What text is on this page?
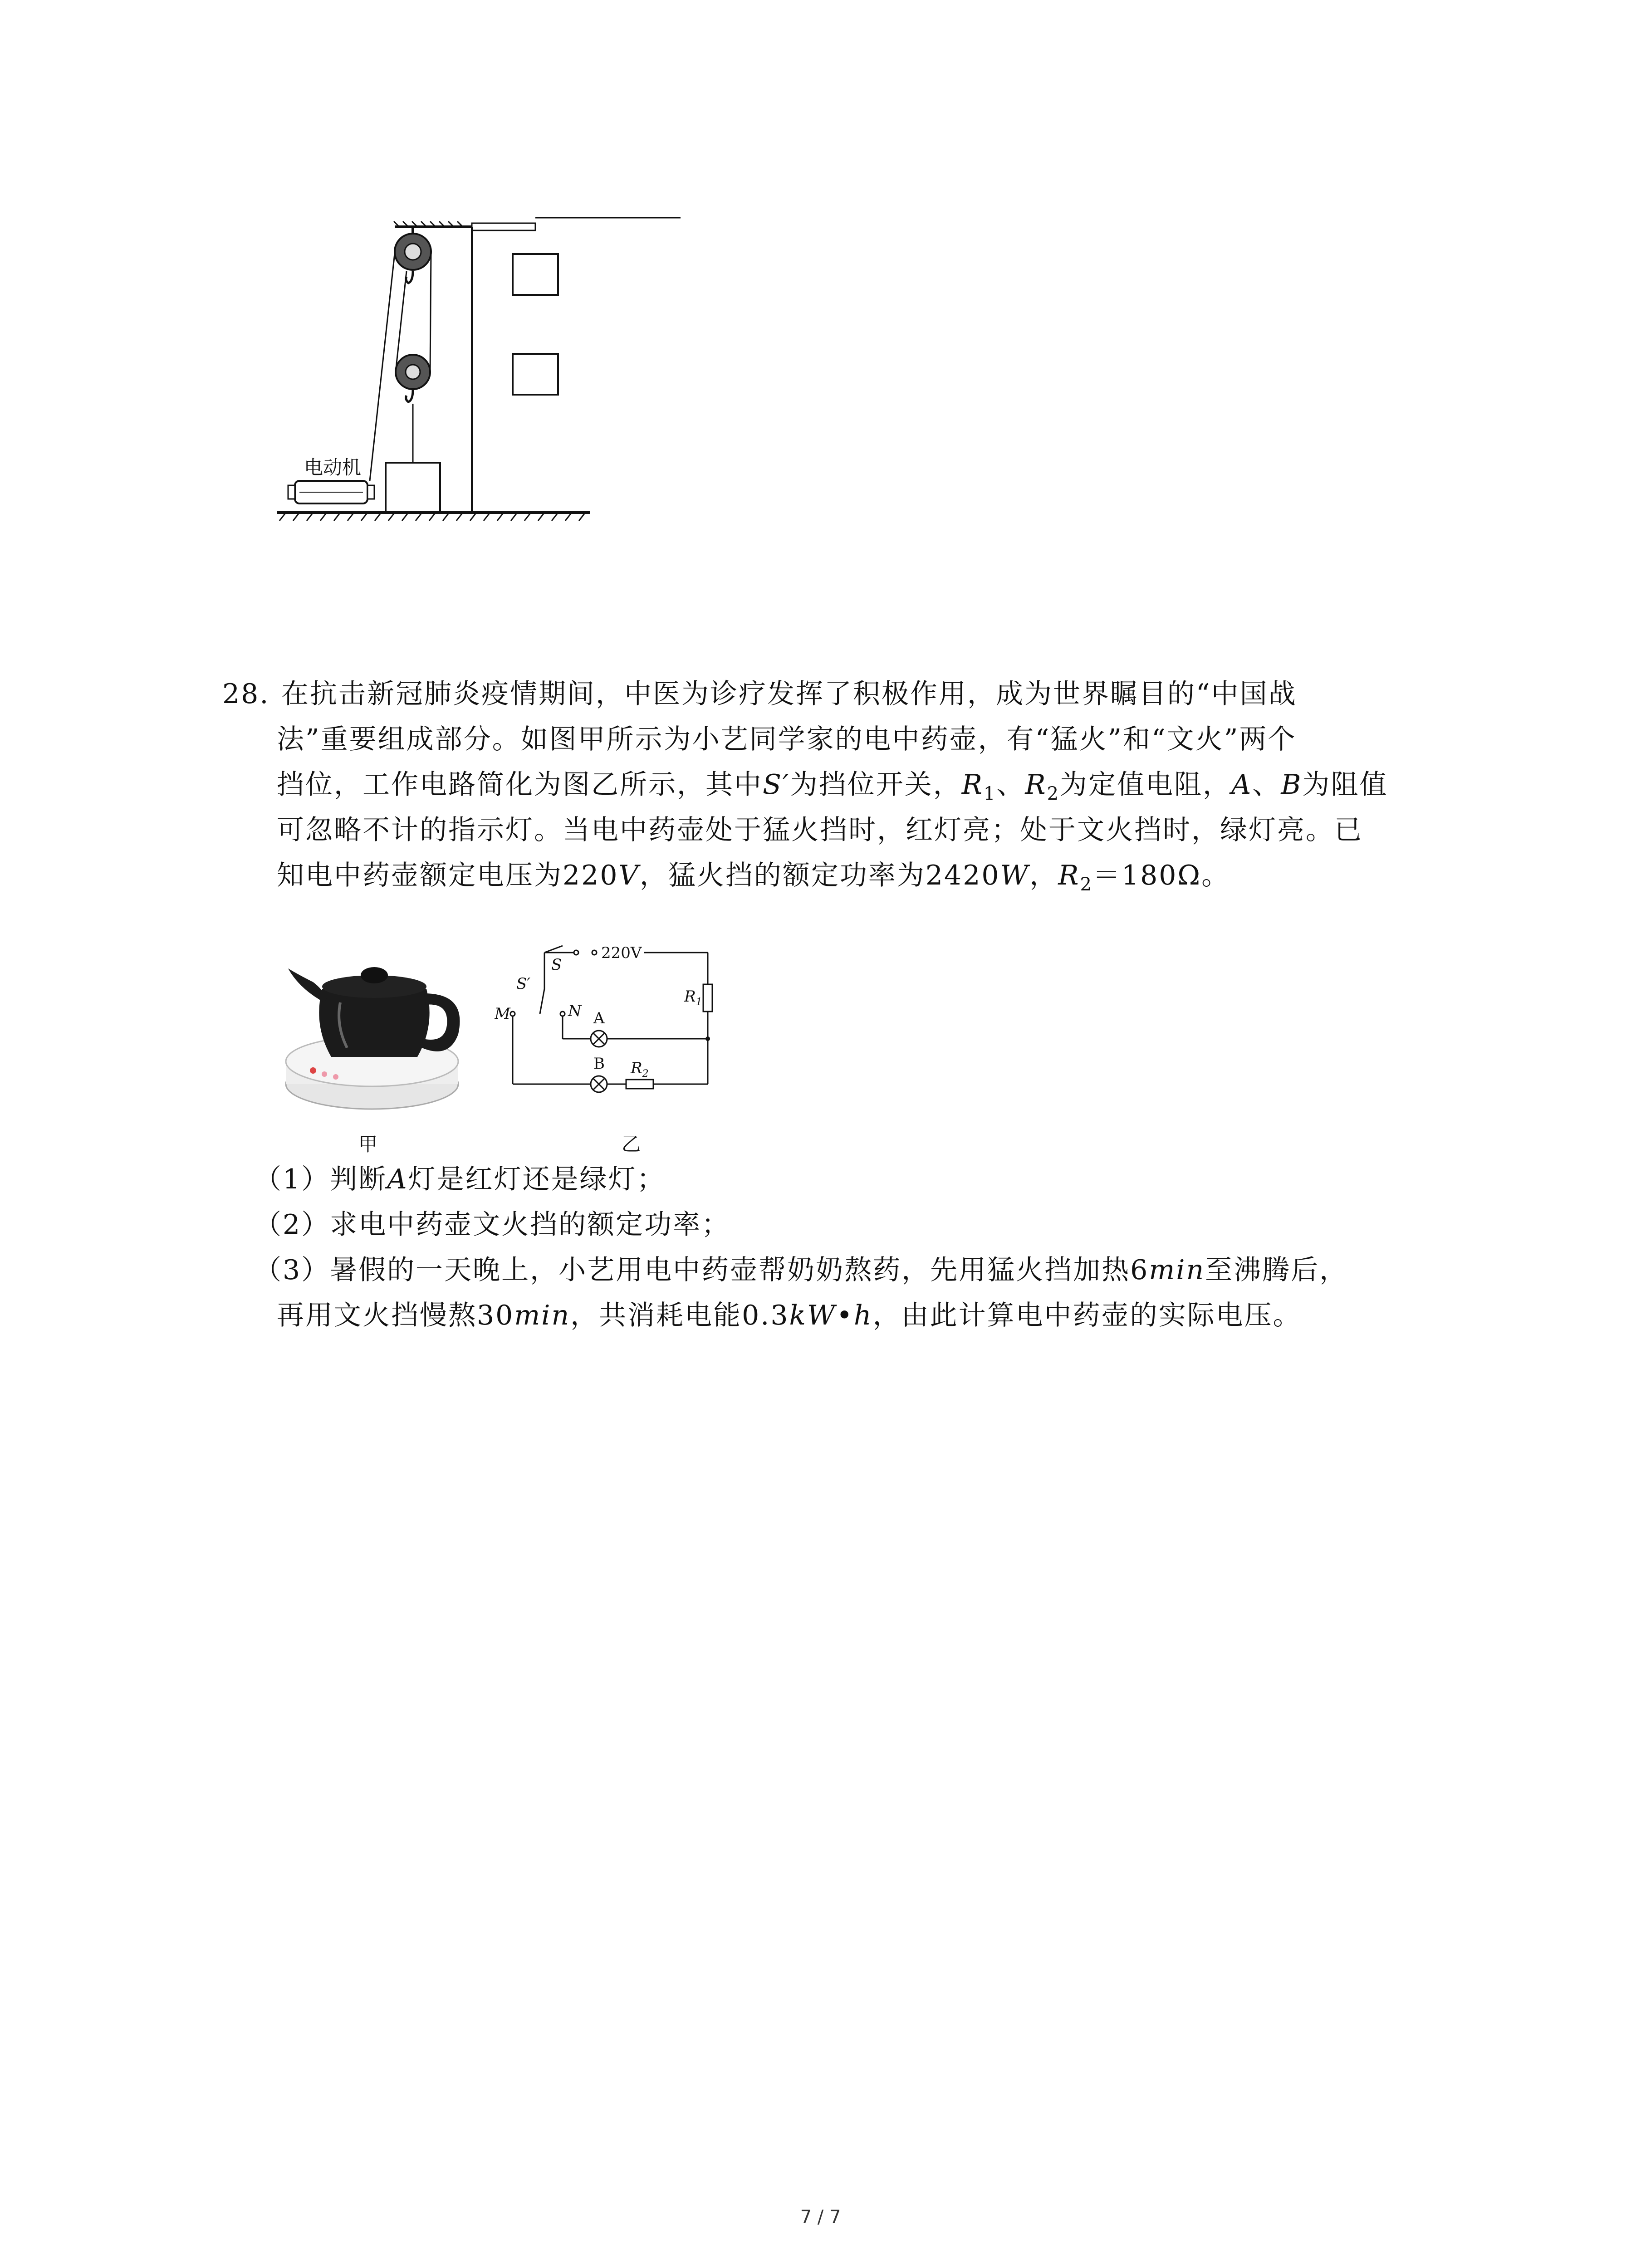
电动机
28. 在抗击新冠肺炎疫情期间，中医为诊疗发挥了积极作用，成为世界瞩目的“中国战
法”重要组成部分。如图甲所示为小艺同学家的电中药壶，有“猛火”和“文火”两个
挡位，工作电路简化为图乙所示，其中S′为挡位开关，$R_1$、$R_2$为定值电阻，A、B为阻值
可忽略不计的指示灯。当电中药壶处于猛火挡时，红灯亮；处于文火挡时，绿灯亮。已
知电中药壶额定电压为220V，猛火挡的额定功率为2420W，$R_2=180\Omega$。
S
220V
$R_1$
S′
M	N A
B $R_2$
甲	乙
（1）判断A灯是红灯还是绿灯；
（2）求电中药壶文火挡的额定功率；
（3）暑假的一天晚上，小艺用电中药壶帮奶奶熬药，先用猛火挡加热6min至沸腾后，
再用文火挡慢熬30min，共消耗电能0.3kW•h，由此计算电中药壶的实际电压。
7 / 7
